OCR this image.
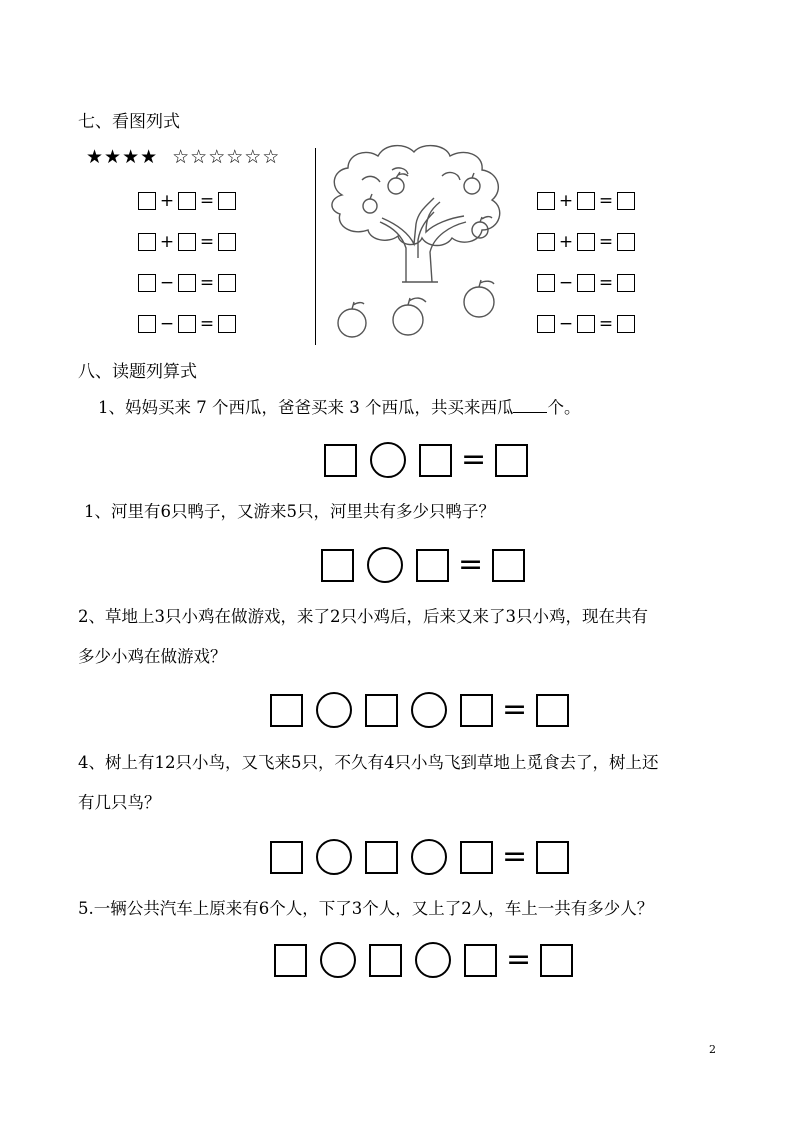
七、看图列式
★★★★ ☆☆☆☆☆☆
+ =
+ =
− =
− =
+ =
+ =
− =
− =
八、读题列算式
1、妈妈买来 7 个西瓜，爸爸买来 3 个西瓜，共买来西瓜 个。
=
1、河里有6只鸭子，又游来5只，河里共有多少只鸭子？
=
2、草地上3只小鸡在做游戏，来了2只小鸡后，后来又来了3只小鸡，现在共有
多少小鸡在做游戏？
=
4、树上有12只小鸟，又飞来5只，不久有4只小鸟飞到草地上觅食去了，树上还
有几只鸟？
=
5.一辆公共汽车上原来有6个人，下了3个人，又上了2人，车上一共有多少人？
=
2
